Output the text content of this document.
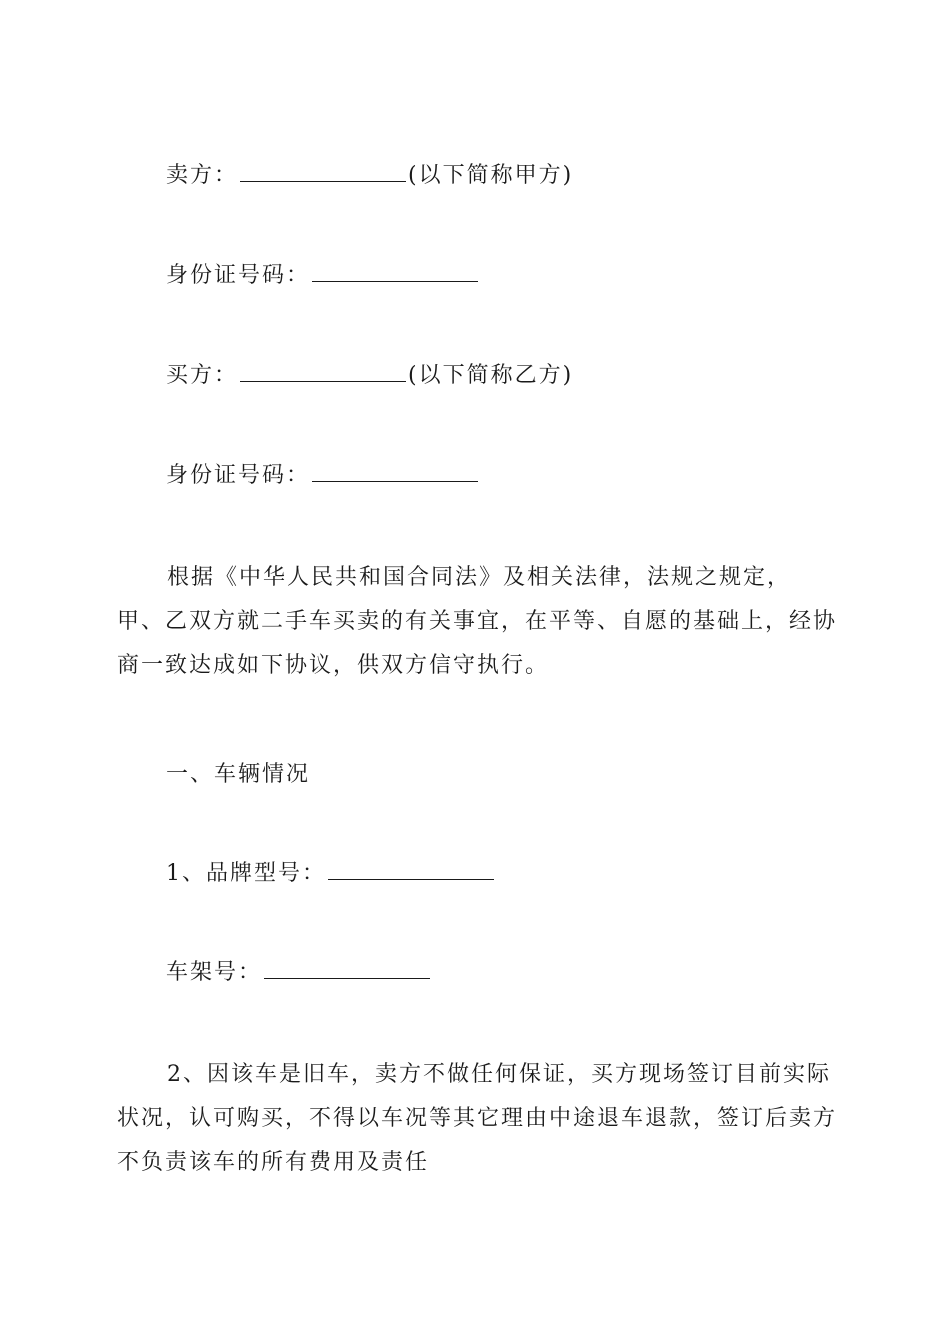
卖方：	(以下简称甲方)
身份证号码：
买方：	(以下简称乙方)
身份证号码：
根据《中华人民共和国合同法》及相关法律，法规之规定，甲、乙双方就二手车买卖的有关事宜，在平等、自愿的基础上，经协商一致达成如下协议，供双方信守执行。
一、车辆情况
1、品牌型号：
车架号：
2、因该车是旧车，卖方不做任何保证，买方现场签订目前实际状况，认可购买，不得以车况等其它理由中途退车退款，签订后卖方不负责该车的所有费用及责任
